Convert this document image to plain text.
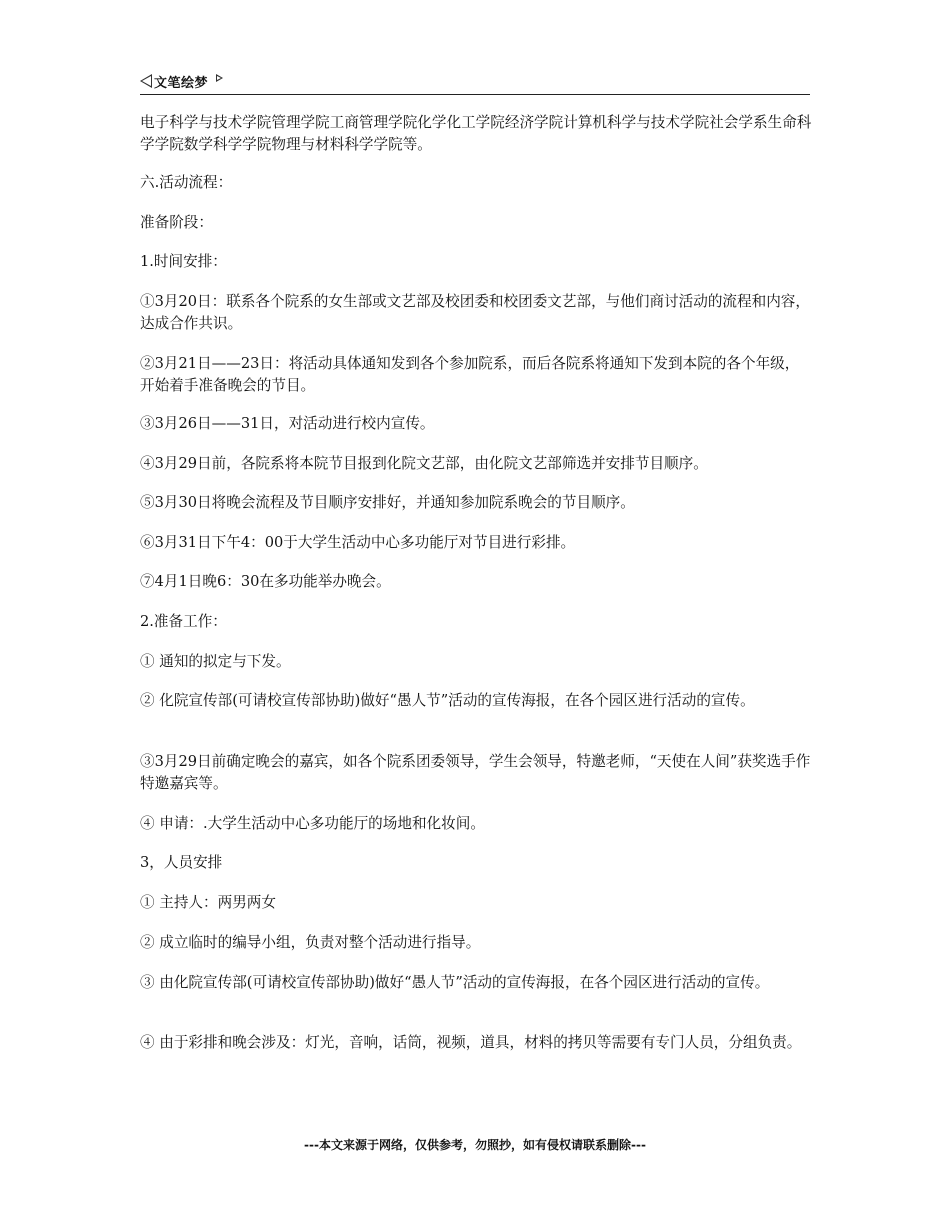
文笔绘梦

电子科学与技术学院管理学院工商管理学院化学化工学院经济学院计算机科学与技术学院社会学系生命科学学院数学科学学院物理与材料科学学院等。

六.活动流程：

准备阶段：

1.时间安排：

①3月20日：联系各个院系的女生部或文艺部及校团委和校团委文艺部，与他们商讨活动的流程和内容，达成合作共识。

②3月21日——23日：将活动具体通知发到各个参加院系，而后各院系将通知下发到本院的各个年级，开始着手准备晚会的节目。

③3月26日——31日，对活动进行校内宣传。

④3月29日前，各院系将本院节目报到化院文艺部，由化院文艺部筛选并安排节目顺序。

⑤3月30日将晚会流程及节目顺序安排好，并通知参加院系晚会的节目顺序。

⑥3月31日下午4：00于大学生活动中心多功能厅对节目进行彩排。

⑦4月1日晚6：30在多功能举办晚会。

2.准备工作：

① 通知的拟定与下发。

② 化院宣传部(可请校宣传部协助)做好“愚人节”活动的宣传海报，在各个园区进行活动的宣传。

③3月29日前确定晚会的嘉宾，如各个院系团委领导，学生会领导，特邀老师，“天使在人间”获奖选手作特邀嘉宾等。

④ 申请：.大学生活动中心多功能厅的场地和化妆间。

3，人员安排

① 主持人：两男两女

② 成立临时的编导小组，负责对整个活动进行指导。

③ 由化院宣传部(可请校宣传部协助)做好“愚人节”活动的宣传海报，在各个园区进行活动的宣传。

④ 由于彩排和晚会涉及：灯光，音响，话筒，视频，道具，材料的拷贝等需要有专门人员，分组负责。

---本文来源于网络，仅供参考，勿照抄，如有侵权请联系删除---
